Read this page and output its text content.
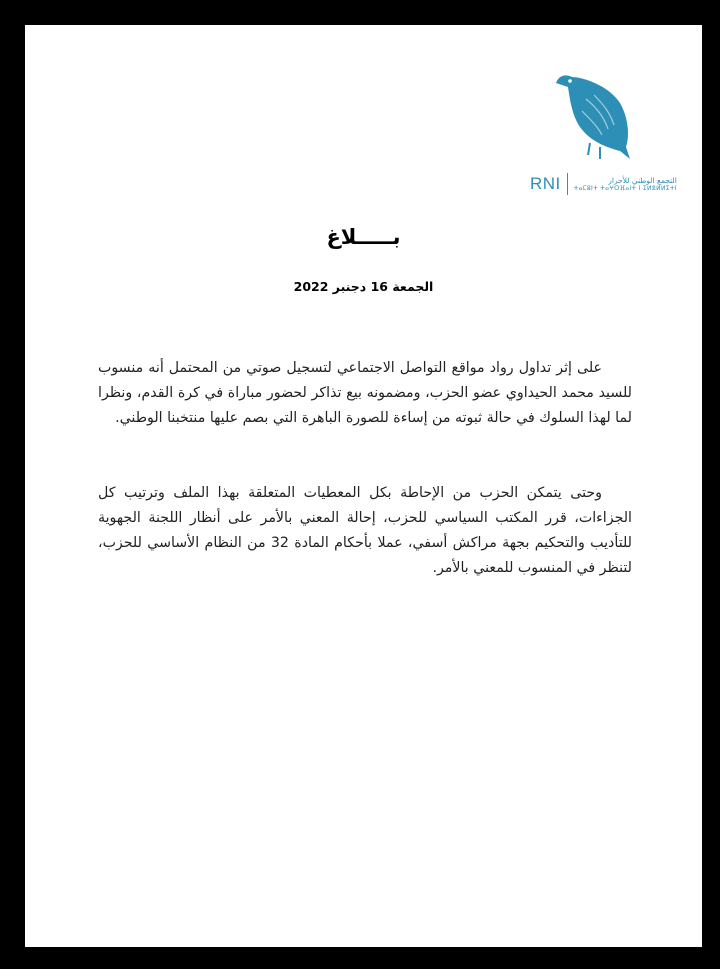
RNI	التجمع الوطني للأحرار
ⵜⴰⵎⵓⵏⵜ ⵜⴰⵖⵔⴼⴰⵏⵜ ⵏ ⵉⵍⴻⵍⵍⵉⵜⵏ
بـــــلاغ
الجمعة 16 دجنبر 2022

على إثر تداول رواد مواقع التواصل الاجتماعي لتسجيل صوتي من المحتمل أنه منسوب للسيد محمد الحيداوي عضو الحزب، ومضمونه بيع تذاكر لحضور مباراة في كرة القدم، ونظرا لما لهذا السلوك في حالة ثبوته من إساءة للصورة الباهرة التي بصم عليها منتخبنا الوطني.

وحتى يتمكن الحزب من الإحاطة بكل المعطيات المتعلقة بهذا الملف وترتيب كل الجزاءات، قرر المكتب السياسي للحزب، إحالة المعني بالأمر على أنظار اللجنة الجهوية للتأديب والتحكيم بجهة مراكش أسفي، عملا بأحكام المادة 32 من النظام الأساسي للحزب، لتنظر في المنسوب للمعني بالأمر.
